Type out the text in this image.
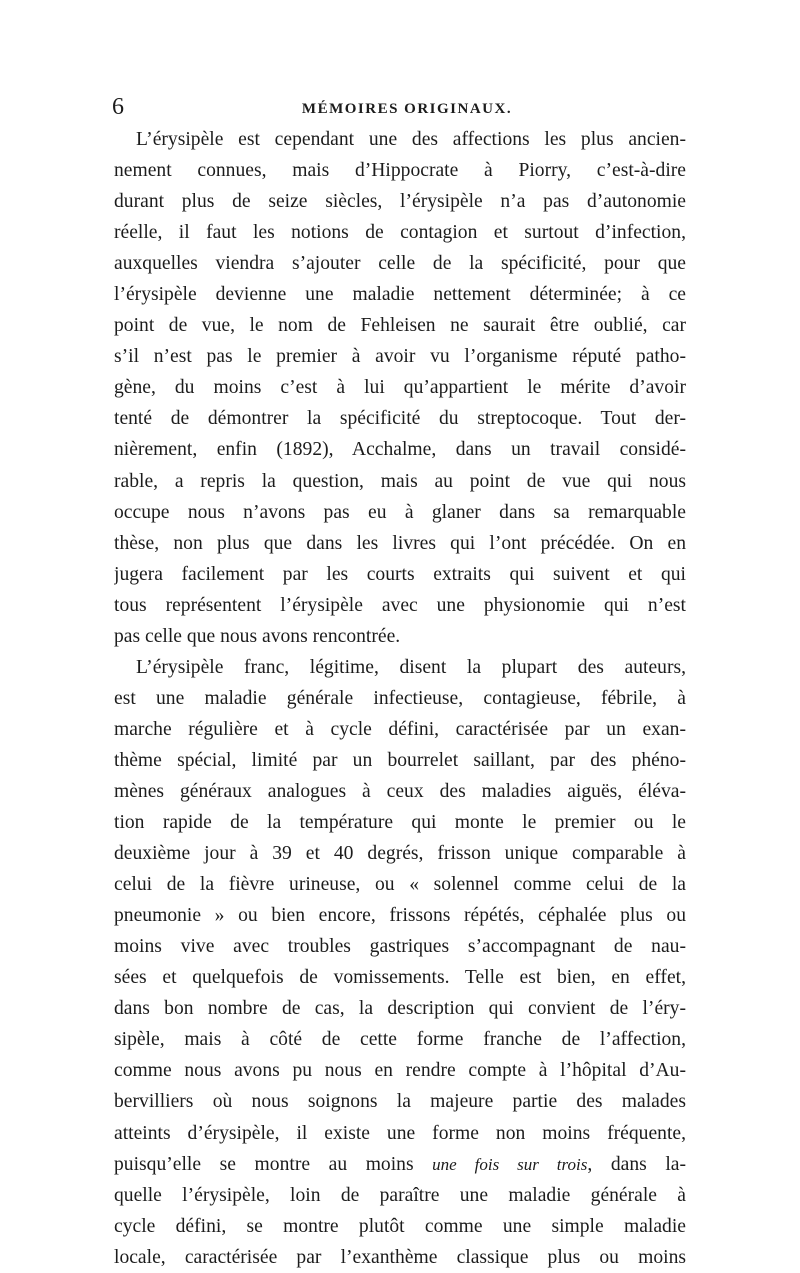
6	MÉMOIRES ORIGINAUX.
L’érysipèle est cependant une des affections les plus ancien-
nement connues, mais d’Hippocrate à Piorry, c’est-à-dire
durant plus de seize siècles, l’érysipèle n’a pas d’autonomie
réelle, il faut les notions de contagion et surtout d’infection,
auxquelles viendra s’ajouter celle de la spécificité, pour que
l’érysipèle devienne une maladie nettement déterminée; à ce
point de vue, le nom de Fehleisen ne saurait être oublié, car
s’il n’est pas le premier à avoir vu l’organisme réputé patho-
gène, du moins c’est à lui qu’appartient le mérite d’avoir
tenté de démontrer la spécificité du streptocoque. Tout der-
nièrement, enfin (1892), Acchalme, dans un travail considé-
rable, a repris la question, mais au point de vue qui nous
occupe nous n’avons pas eu à glaner dans sa remarquable
thèse, non plus que dans les livres qui l’ont précédée. On en
jugera facilement par les courts extraits qui suivent et qui
tous représentent l’érysipèle avec une physionomie qui n’est
pas celle que nous avons rencontrée.
L’érysipèle franc, légitime, disent la plupart des auteurs,
est une maladie générale infectieuse, contagieuse, fébrile, à
marche régulière et à cycle défini, caractérisée par un exan-
thème spécial, limité par un bourrelet saillant, par des phéno-
mènes généraux analogues à ceux des maladies aiguës, éléva-
tion rapide de la température qui monte le premier ou le
deuxième jour à 39 et 40 degrés, frisson unique comparable à
celui de la fièvre urineuse, ou « solennel comme celui de la
pneumonie » ou bien encore, frissons répétés, céphalée plus ou
moins vive avec troubles gastriques s’accompagnant de nau-
sées et quelquefois de vomissements. Telle est bien, en effet,
dans bon nombre de cas, la description qui convient de l’éry-
sipèle, mais à côté de cette forme franche de l’affection,
comme nous avons pu nous en rendre compte à l’hôpital d’Au-
bervilliers où nous soignons la majeure partie des malades
atteints d’érysipèle, il existe une forme non moins fréquente,
puisqu’elle se montre au moins une fois sur trois, dans la-
quelle l’érysipèle, loin de paraître une maladie générale à
cycle défini, se montre plutôt comme une simple maladie
locale, caractérisée par l’exanthème classique plus ou moins
